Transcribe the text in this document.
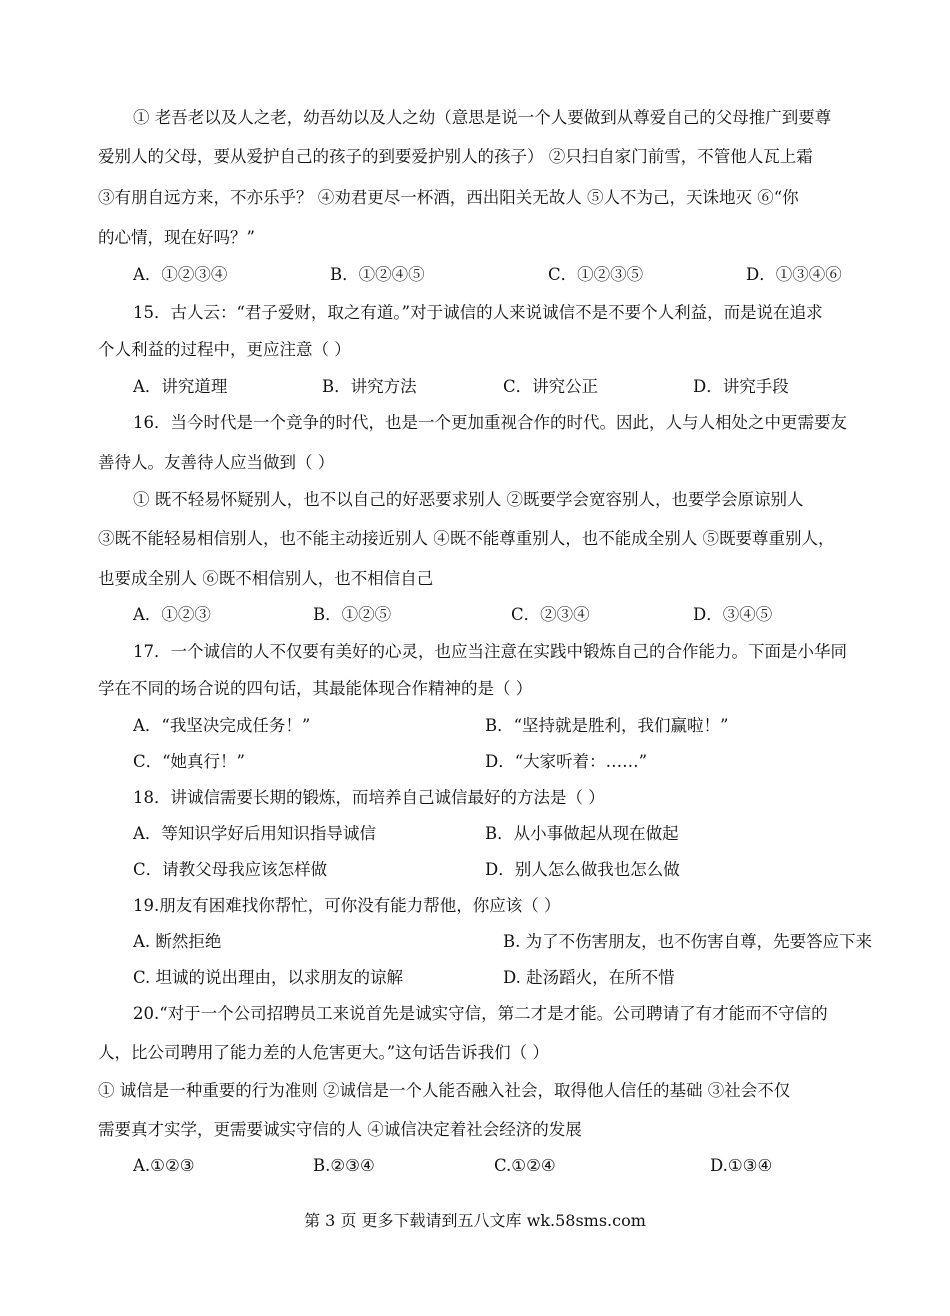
① 老吾老以及人之老，幼吾幼以及人之幼（意思是说一个人要做到从尊爱自己的父母推广到要尊
爱别人的父母，要从爱护自己的孩子的到要爱护别人的孩子） ②只扫自家门前雪，不管他人瓦上霜
③有朋自远方来，不亦乐乎？ ④劝君更尽一杯酒，西出阳关无故人 ⑤人不为己，天诛地灭 ⑥“你
的心情，现在好吗？”
A．①②③④	B．①②④⑤	C．①②③⑤	D．①③④⑥
15．古人云：“君子爱财，取之有道。”对于诚信的人来说诚信不是不要个人利益，而是说在追求
个人利益的过程中，更应注意（ ）
A．讲究道理	B．讲究方法	C．讲究公正	D．讲究手段
16．当今时代是一个竞争的时代，也是一个更加重视合作的时代。因此，人与人相处之中更需要友
善待人。友善待人应当做到（ ）
① 既不轻易怀疑别人，也不以自己的好恶要求别人 ②既要学会宽容别人，也要学会原谅别人
③既不能轻易相信别人，也不能主动接近别人 ④既不能尊重别人，也不能成全别人 ⑤既要尊重别人，
也要成全别人 ⑥既不相信别人，也不相信自己
A．①②③	B．①②⑤	C．②③④	D．③④⑤
17．一个诚信的人不仅要有美好的心灵，也应当注意在实践中锻炼自己的合作能力。下面是小华同
学在不同的场合说的四句话，其最能体现合作精神的是（ ）
A．“我坚决完成任务！”	B．“坚持就是胜利，我们赢啦！”
C．“她真行！”	D．“大家听着：……”
18．讲诚信需要长期的锻炼，而培养自己诚信最好的方法是（ ）
A．等知识学好后用知识指导诚信	B．从小事做起从现在做起
C．请教父母我应该怎样做	D．别人怎么做我也怎么做
19.朋友有困难找你帮忙，可你没有能力帮他，你应该（ ）
A. 断然拒绝	B. 为了不伤害朋友，也不伤害自尊，先要答应下来
C. 坦诚的说出理由，以求朋友的谅解	D. 赴汤蹈火，在所不惜
20.“对于一个公司招聘员工来说首先是诚实守信，第二才是才能。公司聘请了有才能而不守信的
人，比公司聘用了能力差的人危害更大。”这句话告诉我们（ ）
① 诚信是一种重要的行为准则 ②诚信是一个人能否融入社会，取得他人信任的基础 ③社会不仅
需要真才实学，更需要诚实守信的人 ④诚信决定着社会经济的发展
A.①②③	B.②③④	C.①②④	D.①③④
第 3 页 更多下载请到五八文库 wk.58sms.com
